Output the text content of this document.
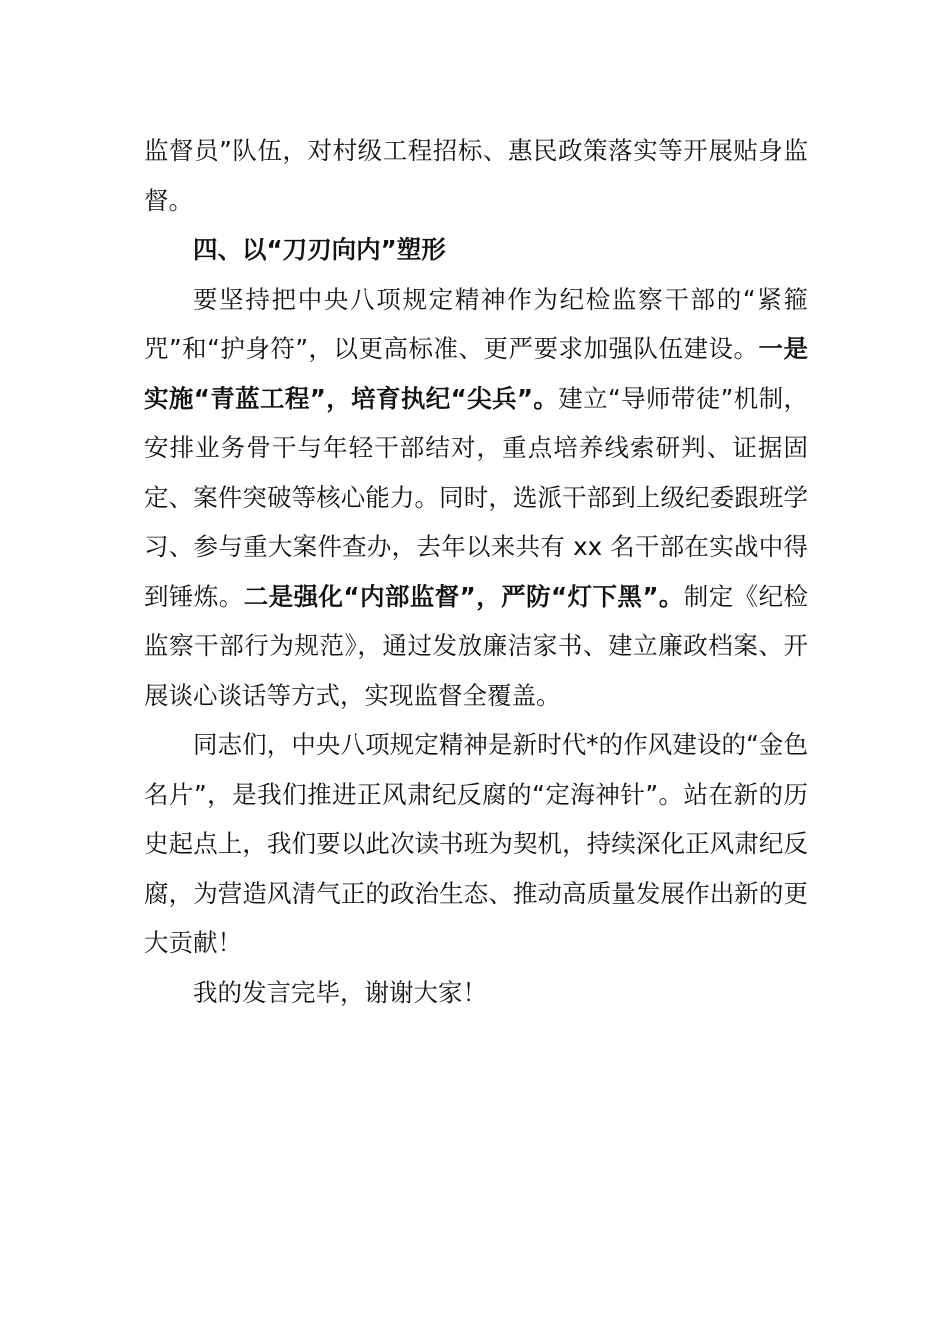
监督员”队伍，对村级工程招标、惠民政策落实等开展贴身监督。

四、以“刀刃向内”塑形

要坚持把中央八项规定精神作为纪检监察干部的“紧箍咒”和“护身符”，以更高标准、更严要求加强队伍建设。一是实施“青蓝工程”，培育执纪“尖兵”。建立“导师带徒”机制，安排业务骨干与年轻干部结对，重点培养线索研判、证据固定、案件突破等核心能力。同时，选派干部到上级纪委跟班学习、参与重大案件查办，去年以来共有 xx 名干部在实战中得到锤炼。二是强化“内部监督”，严防“灯下黑”。制定《纪检监察干部行为规范》，通过发放廉洁家书、建立廉政档案、开展谈心谈话等方式，实现监督全覆盖。

同志们，中央八项规定精神是新时代*的作风建设的“金色名片”，是我们推进正风肃纪反腐的“定海神针”。站在新的历史起点上，我们要以此次读书班为契机，持续深化正风肃纪反腐，为营造风清气正的政治生态、推动高质量发展作出新的更大贡献！

我的发言完毕，谢谢大家！
